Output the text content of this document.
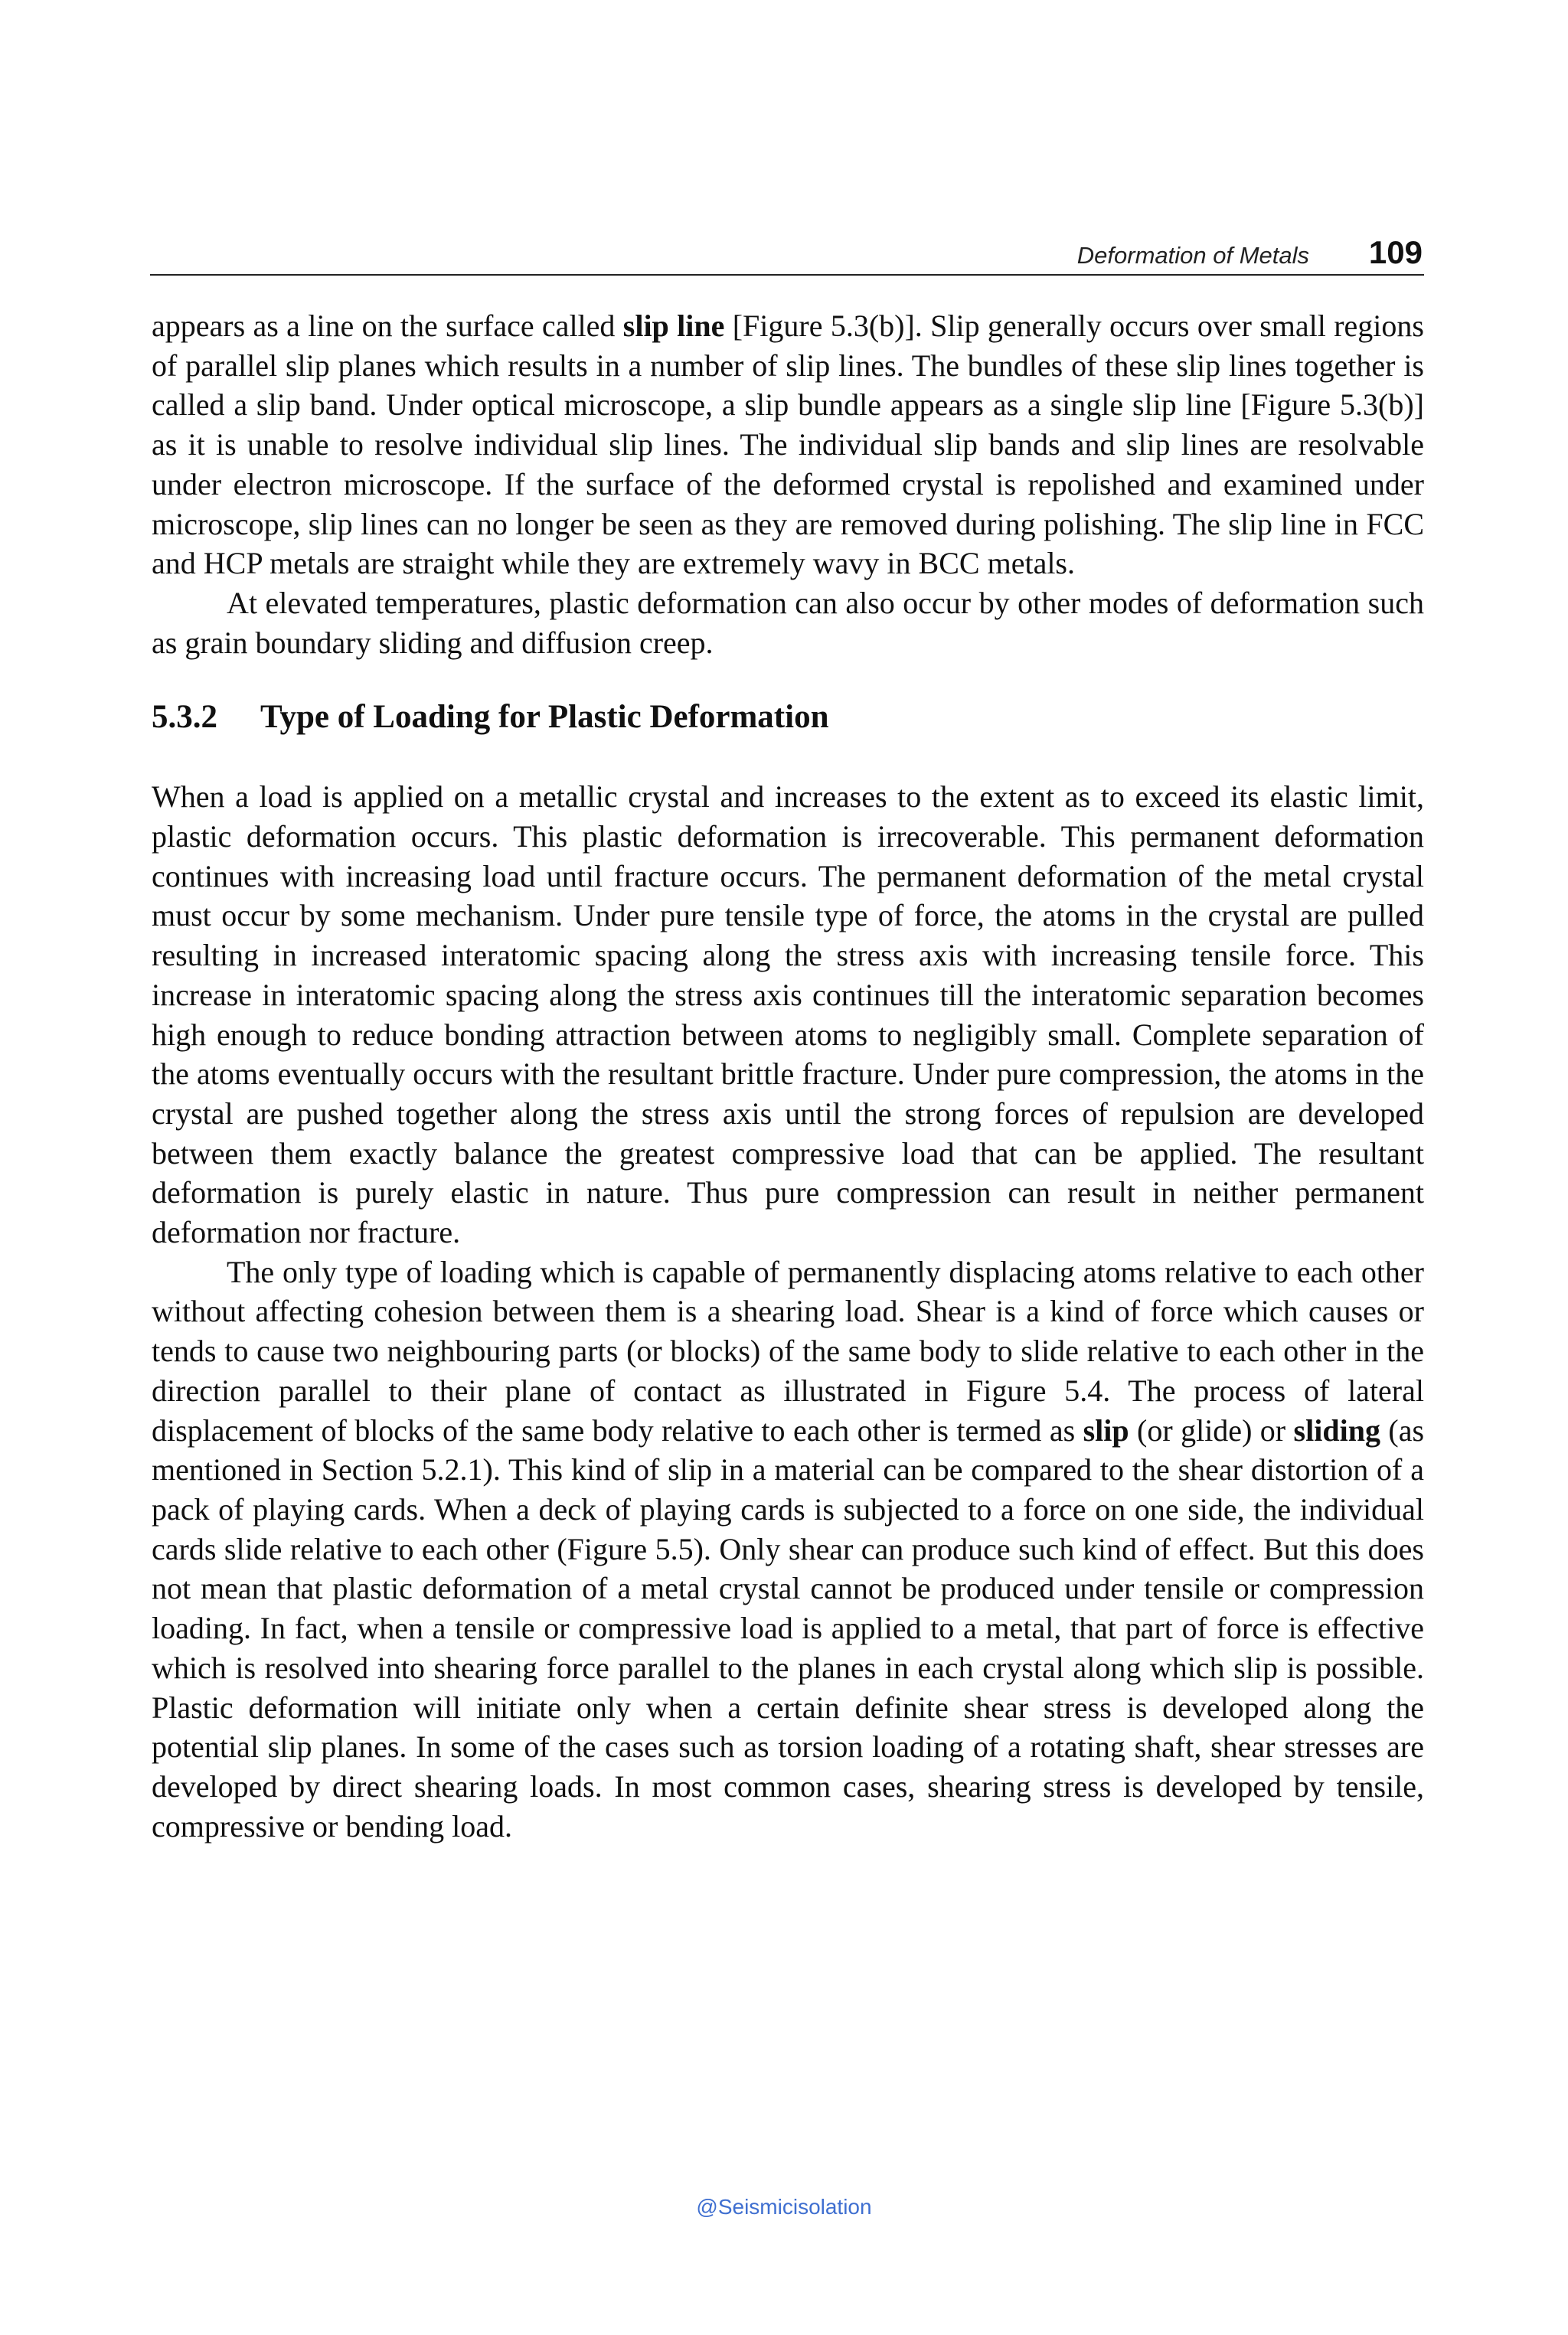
Deformation of Metals 109

appears as a line on the surface called slip line [Figure 5.3(b)]. Slip generally occurs over small regions of parallel slip planes which results in a number of slip lines. The bundles of these slip lines together is called a slip band. Under optical microscope, a slip bundle appears as a single slip line [Figure 5.3(b)] as it is unable to resolve individual slip lines. The individual slip bands and slip lines are resolvable under electron microscope. If the surface of the deformed crystal is repolished and examined under microscope, slip lines can no longer be seen as they are removed during polishing. The slip line in FCC and HCP metals are straight while they are extremely wavy in BCC metals.

At elevated temperatures, plastic deformation can also occur by other modes of deformation such as grain boundary sliding and diffusion creep.

5.3.2 Type of Loading for Plastic Deformation

When a load is applied on a metallic crystal and increases to the extent as to exceed its elastic limit, plastic deformation occurs. This plastic deformation is irrecoverable. This permanent deformation continues with increasing load until fracture occurs. The permanent deformation of the metal crystal must occur by some mechanism. Under pure tensile type of force, the atoms in the crystal are pulled resulting in increased interatomic spacing along the stress axis with increasing tensile force. This increase in interatomic spacing along the stress axis continues till the interatomic separation becomes high enough to reduce bonding attraction between atoms to negligibly small. Complete separation of the atoms eventually occurs with the resultant brittle fracture. Under pure compression, the atoms in the crystal are pushed together along the stress axis until the strong forces of repulsion are developed between them exactly balance the greatest compressive load that can be applied. The resultant deformation is purely elastic in nature. Thus pure compression can result in neither permanent deformation nor fracture.

The only type of loading which is capable of permanently displacing atoms relative to each other without affecting cohesion between them is a shearing load. Shear is a kind of force which causes or tends to cause two neighbouring parts (or blocks) of the same body to slide relative to each other in the direction parallel to their plane of contact as illustrated in Figure 5.4. The process of lateral displacement of blocks of the same body relative to each other is termed as slip (or glide) or sliding (as mentioned in Section 5.2.1). This kind of slip in a material can be compared to the shear distortion of a pack of playing cards. When a deck of playing cards is subjected to a force on one side, the individual cards slide relative to each other (Figure 5.5). Only shear can produce such kind of effect. But this does not mean that plastic deformation of a metal crystal cannot be produced under tensile or compression loading. In fact, when a tensile or compressive load is applied to a metal, that part of force is effective which is resolved into shearing force parallel to the planes in each crystal along which slip is possible. Plastic deformation will initiate only when a certain definite shear stress is developed along the potential slip planes. In some of the cases such as torsion loading of a rotating shaft, shear stresses are developed by direct shearing loads. In most common cases, shearing stress is developed by tensile, compressive or bending load.

@Seismicisolation
